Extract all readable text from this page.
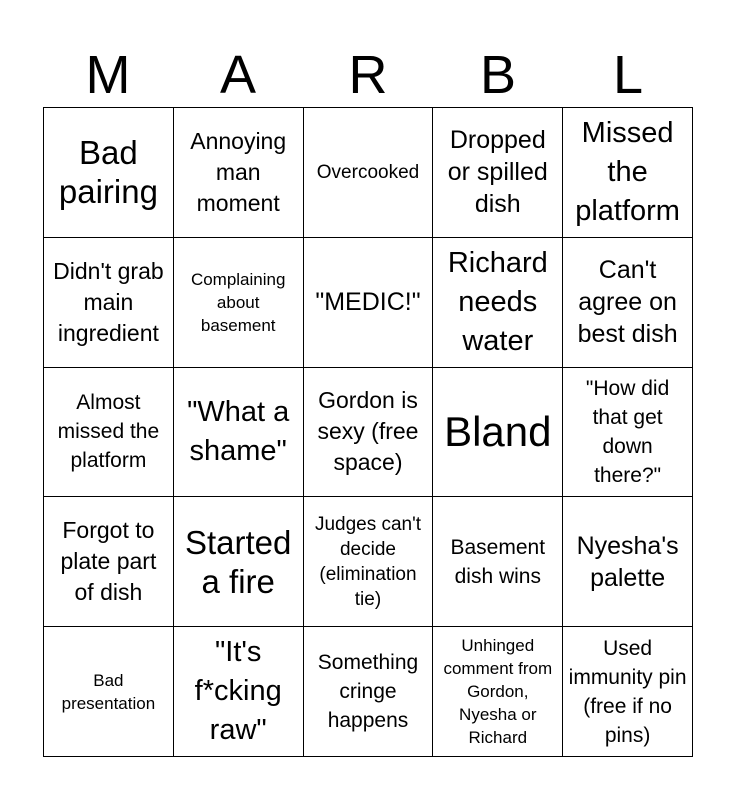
M	A	R	B	L
Bad pairing
Annoying man moment
Overcooked
Dropped or spilled dish
Missed the platform
Didn't grab main ingredient
Complaining about basement
"MEDIC!"
Richard needs water
Can't agree on best dish
Almost missed the platform
"What a shame"
Gordon is sexy (free space)
Bland
"How did that get down there?"
Forgot to plate part of dish
Started a fire
Judges can't decide (elimination tie)
Basement dish wins
Nyesha's palette
Bad presentation
"It's f*cking raw"
Something cringe happens
Unhinged comment from Gordon, Nyesha or Richard
Used immunity pin (free if no pins)
